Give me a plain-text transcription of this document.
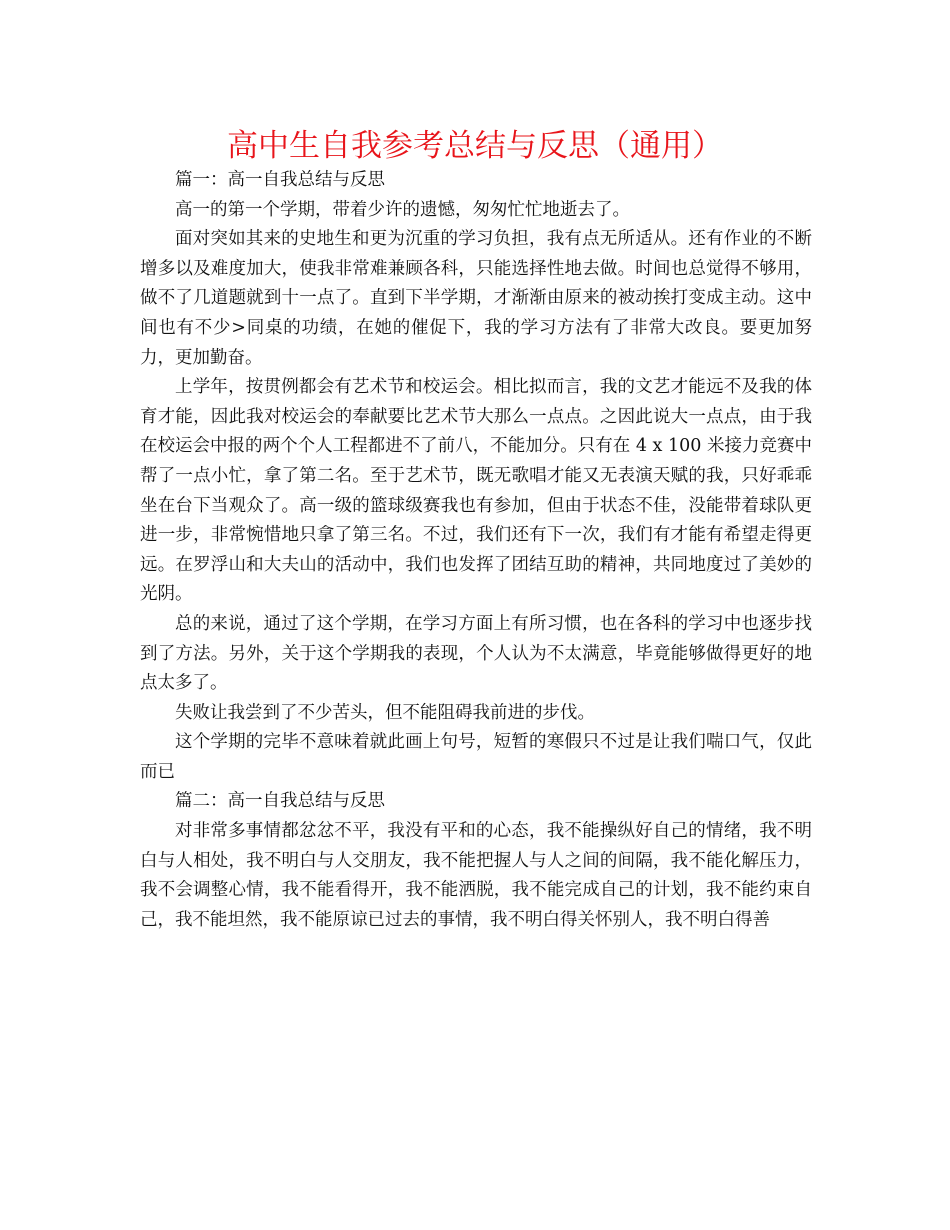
高中生自我参考总结与反思（通用）

篇一：高一自我总结与反思

高一的第一个学期，带着少许的遗憾，匆匆忙忙地逝去了。

面对突如其来的史地生和更为沉重的学习负担，我有点无所适从。还有作业的不断增多以及难度加大，使我非常难兼顾各科，只能选择性地去做。时间也总觉得不够用，做不了几道题就到十一点了。直到下半学期，才渐渐由原来的被动挨打变成主动。这中间也有不少>同桌的功绩，在她的催促下，我的学习方法有了非常大改良。要更加努力，更加勤奋。

上学年，按贯例都会有艺术节和校运会。相比拟而言，我的文艺才能远不及我的体育才能，因此我对校运会的奉献要比艺术节大那么一点点。之因此说大一点点，由于我在校运会中报的两个个人工程都进不了前八，不能加分。只有在 4 x 100 米接力竞赛中帮了一点小忙，拿了第二名。至于艺术节，既无歌唱才能又无表演天赋的我，只好乖乖坐在台下当观众了。高一级的篮球级赛我也有参加，但由于状态不佳，没能带着球队更进一步，非常惋惜地只拿了第三名。不过，我们还有下一次，我们有才能有希望走得更远。在罗浮山和大夫山的活动中，我们也发挥了团结互助的精神，共同地度过了美妙的光阴。

总的来说，通过了这个学期，在学习方面上有所习惯，也在各科的学习中也逐步找到了方法。另外，关于这个学期我的表现，个人认为不太满意，毕竟能够做得更好的地点太多了。

失败让我尝到了不少苦头，但不能阻碍我前进的步伐。

这个学期的完毕不意味着就此画上句号，短暂的寒假只不过是让我们喘口气，仅此而已

篇二：高一自我总结与反思

对非常多事情都忿忿不平，我没有平和的心态，我不能操纵好自己的情绪，我不明白与人相处，我不明白与人交朋友，我不能把握人与人之间的间隔，我不能化解压力，我不会调整心情，我不能看得开，我不能洒脱，我不能完成自己的计划，我不能约束自己，我不能坦然，我不能原谅已过去的事情，我不明白得关怀别人，我不明白得善
